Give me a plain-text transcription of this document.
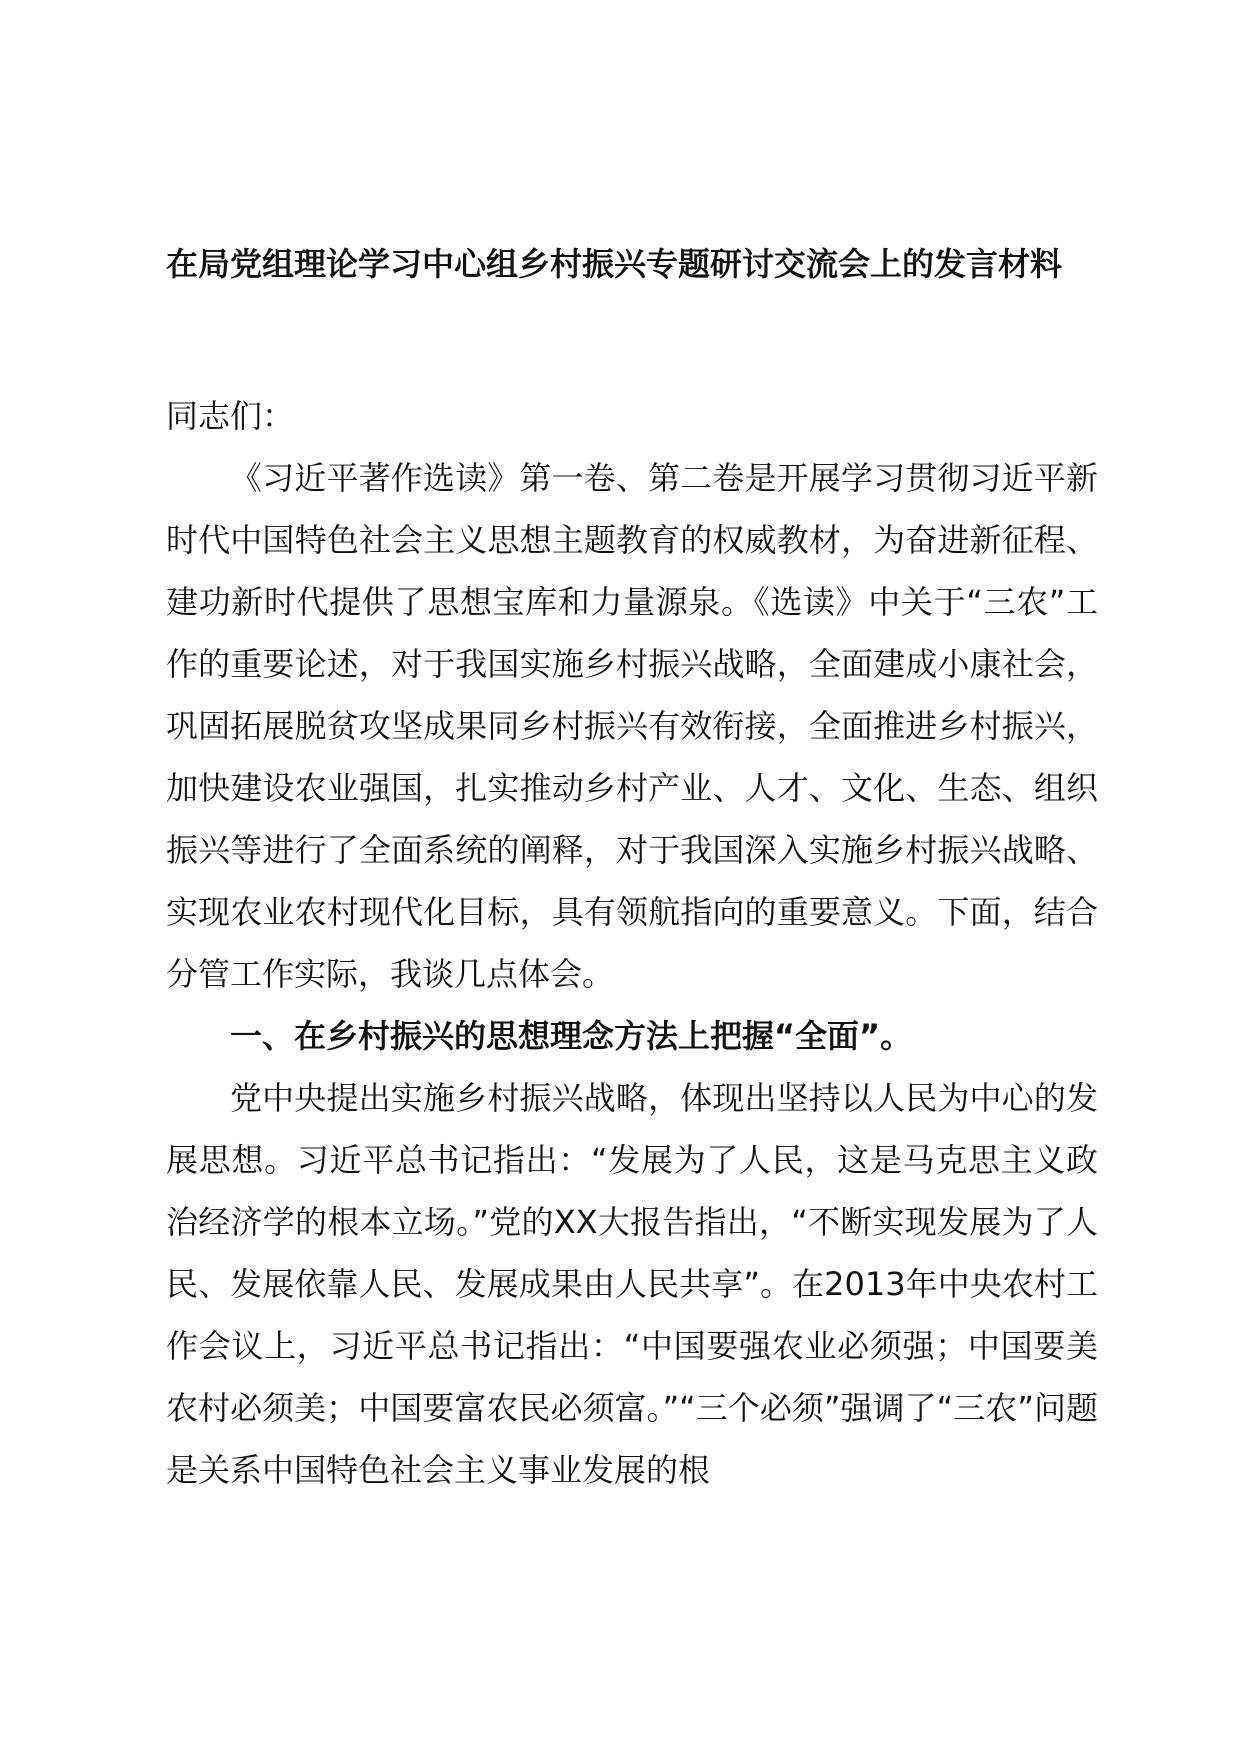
在局党组理论学习中心组乡村振兴专题研讨交流会上的发言材料

同志们：

《习近平著作选读》第一卷、第二卷是开展学习贯彻习近平新时代中国特色社会主义思想主题教育的权威教材，为奋进新征程、建功新时代提供了思想宝库和力量源泉。《选读》中关于“三农”工作的重要论述，对于我国实施乡村振兴战略，全面建成小康社会，巩固拓展脱贫攻坚成果同乡村振兴有效衔接，全面推进乡村振兴，加快建设农业强国，扎实推动乡村产业、人才、文化、生态、组织振兴等进行了全面系统的阐释，对于我国深入实施乡村振兴战略、实现农业农村现代化目标，具有领航指向的重要意义。下面，结合分管工作实际，我谈几点体会。

一、在乡村振兴的思想理念方法上把握“全面”。

党中央提出实施乡村振兴战略，体现出坚持以人民为中心的发展思想。习近平总书记指出：“发展为了人民，这是马克思主义政治经济学的根本立场。”党的XX大报告指出，“不断实现发展为了人民、发展依靠人民、发展成果由人民共享”。在2013年中央农村工作会议上，习近平总书记指出：“中国要强农业必须强；中国要美农村必须美；中国要富农民必须富。”“三个必须”强调了“三农”问题是关系中国特色社会主义事业发展的根
